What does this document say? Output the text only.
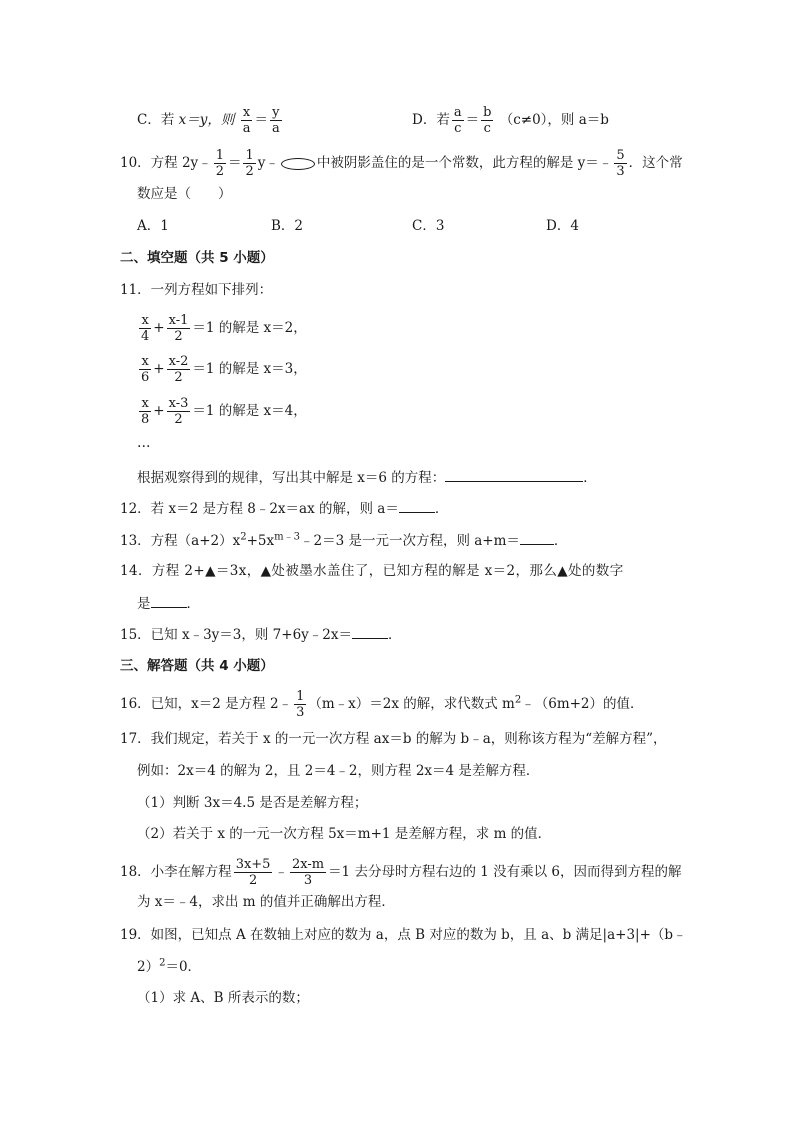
C．若 x＝y，则 $\frac{x}{a} = \frac{y}{a}$	D．若 $\frac{a}{c} = \frac{b}{c} (c\ne 0)$，则 a＝b
10．方程 2y﹣ $\frac{1}{2} = \frac{1}{2}$ y﹣	中被阴影盖住的是一个常数，此方程的解是 y＝﹣ $\frac{5}{3}$ ．这个常
数应是（　　）
A．1	B．2	C．3	D．4
二、填空题（共 5 小题）
11．一列方程如下排列：
$\frac{x}{4} + \frac{x-1}{2} =1$ 的解是 x＝2，
$\frac{x}{6} + \frac{x-2}{2} =1$ 的解是 x＝3，
$\frac{x}{8} + \frac{x-3}{2} =1$ 的解是 x＝4，
…
根据观察得到的规律，写出其中解是 x＝6 的方程：	．
12．若 x＝2 是方程 8﹣2x＝ax 的解，则 a＝	．
13．方程$(a+2)x^2+5x^{m﹣3}﹣2=3$ 是一元一次方程，则 a+m＝	．
14．方程 2+▲＝3x，▲处被墨水盖住了，已知方程的解是 x＝2，那么▲处的数字
是	．
15．已知 x﹣3y＝3，则 7+6y﹣2x＝	．
三、解答题（共 4 小题）
16．已知，x＝2 是方程 2﹣ $\frac{1}{3}$ （m﹣x）＝2x 的解，求代数式 $m^2﹣(6m+2)$的值．
17．我们规定，若关于 x 的一元一次方程 ax＝b 的解为 b﹣a，则称该方程为“差解方程”，
例如：2x＝4 的解为 2，且 2＝4﹣2，则方程 2x＝4 是差解方程．
（1）判断 3x＝4.5 是否是差解方程；
（2）若关于 x 的一元一次方程 5x＝m+1 是差解方程，求 m 的值．
18．小李在解方程 $\frac{3x+5}{2}$ ﹣ $\frac{2x-m}{3} =1$ 去分母时方程右边的 1 没有乘以 6，因而得到方程的解
为 x＝﹣4，求出 m 的值并正确解出方程．
19．如图，已知点 A 在数轴上对应的数为 a，点 B 对应的数为 b，且 a、b 满足|a+3|+（b﹣
2）$^2$＝0．
（1）求 A、B 所表示的数；
